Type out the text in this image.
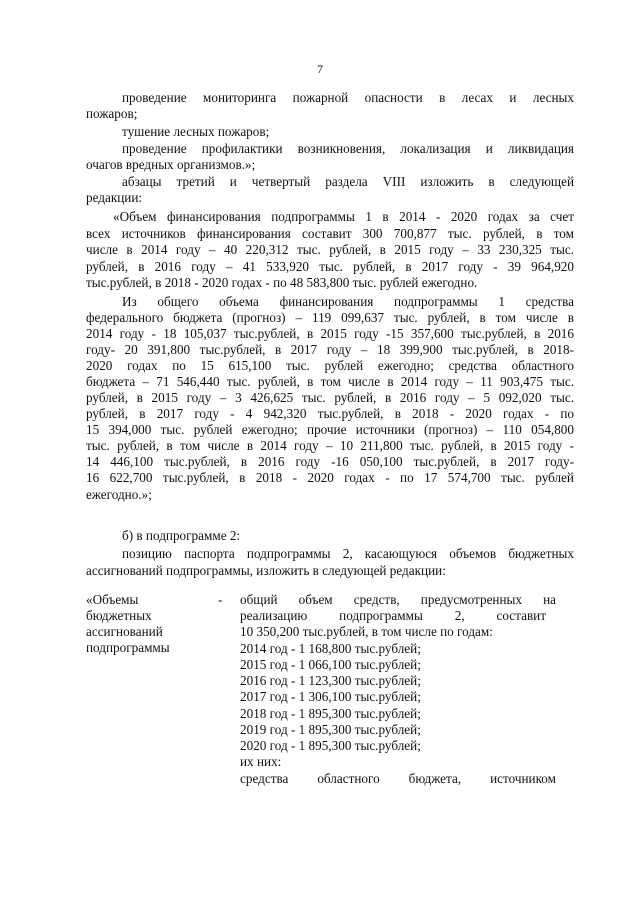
7
проведение мониторинга пожарной опасности в лесах и лесных
пожаров;
тушение лесных пожаров;
проведение профилактики возникновения, локализация и ликвидация
очагов вредных организмов.»;
абзацы третий и четвертый раздела VIII изложить в следующей
редакции:
«Объем финансирования подпрограммы 1 в 2014 - 2020 годах за счет
всех источников финансирования составит 300 700,877 тыс. рублей, в том
числе в 2014 году – 40 220,312 тыс. рублей, в 2015 году – 33 230,325 тыс.
рублей, в 2016 году – 41 533,920 тыс. рублей, в 2017 году - 39 964,920
тыс.рублей, в 2018 - 2020 годах - по 48 583,800 тыс. рублей ежегодно.
Из общего объема финансирования подпрограммы 1 средства
федерального бюджета (прогноз) – 119 099,637 тыс. рублей, в том числе в
2014 году - 18 105,037 тыс.рублей, в 2015 году -15 357,600 тыс.рублей, в 2016
году- 20 391,800 тыс.рублей, в 2017 году – 18 399,900 тыс.рублей, в 2018-
2020 годах по 15 615,100 тыс. рублей ежегодно; средства областного
бюджета – 71 546,440 тыс. рублей, в том числе в 2014 году – 11 903,475 тыс.
рублей, в 2015 году – 3 426,625 тыс. рублей, в 2016 году – 5 092,020 тыс.
рублей, в 2017 году - 4 942,320 тыс.рублей, в 2018 - 2020 годах - по
15 394,000 тыс. рублей ежегодно; прочие источники (прогноз) – 110 054,800
тыс. рублей, в том числе в 2014 году – 10 211,800 тыс. рублей, в 2015 году -
14 446,100 тыс.рублей, в 2016 году -16 050,100 тыс.рублей, в 2017 году-
16 622,700 тыс.рублей, в 2018 - 2020 годах - по 17 574,700 тыс. рублей
ежегодно.»;
б) в подпрограмме 2:
позицию паспорта подпрограммы 2, касающуюся объемов бюджетных
ассигнований подпрограммы, изложить в следующей редакции:
«Объемы
бюджетных
ассигнований
подпрограммы
- общий объем средств, предусмотренных на
реализацию подпрограммы 2, составит
10 350,200 тыс.рублей, в том числе по годам:
2014 год - 1 168,800 тыс.рублей;
2015 год - 1 066,100 тыс.рублей;
2016 год - 1 123,300 тыс.рублей;
2017 год - 1 306,100 тыс.рублей;
2018 год - 1 895,300 тыс.рублей;
2019 год - 1 895,300 тыс.рублей;
2020 год - 1 895,300 тыс.рублей;
их них:
средства областного бюджета, источником
